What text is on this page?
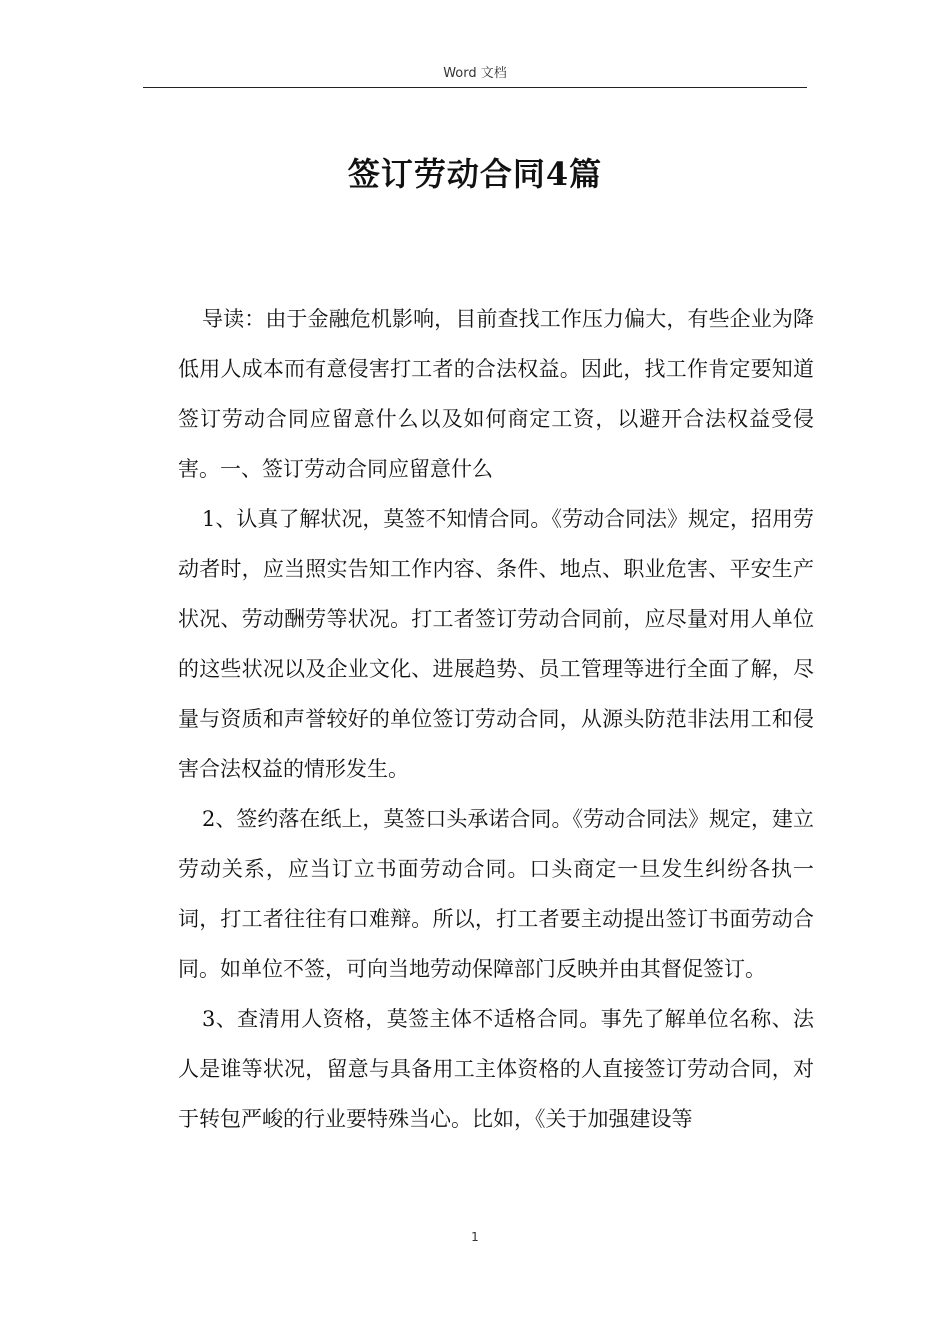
Word 文档
签订劳动合同4篇

导读：由于金融危机影响，目前查找工作压力偏大，有些企业为降低用人成本而有意侵害打工者的合法权益。因此，找工作肯定要知道签订劳动合同应留意什么以及如何商定工资，以避开合法权益受侵害。一、签订劳动合同应留意什么

1、认真了解状况，莫签不知情合同。《劳动合同法》规定，招用劳动者时，应当照实告知工作内容、条件、地点、职业危害、平安生产状况、劳动酬劳等状况。打工者签订劳动合同前，应尽量对用人单位的这些状况以及企业文化、进展趋势、员工管理等进行全面了解，尽量与资质和声誉较好的单位签订劳动合同，从源头防范非法用工和侵害合法权益的情形发生。

2、签约落在纸上，莫签口头承诺合同。《劳动合同法》规定，建立劳动关系，应当订立书面劳动合同。口头商定一旦发生纠纷各执一词，打工者往往有口难辩。所以，打工者要主动提出签订书面劳动合同。如单位不签，可向当地劳动保障部门反映并由其督促签订。

3、查清用人资格，莫签主体不适格合同。事先了解单位名称、法人是谁等状况，留意与具备用工主体资格的人直接签订劳动合同，对于转包严峻的行业要特殊当心。比如，《关于加强建设等

1
